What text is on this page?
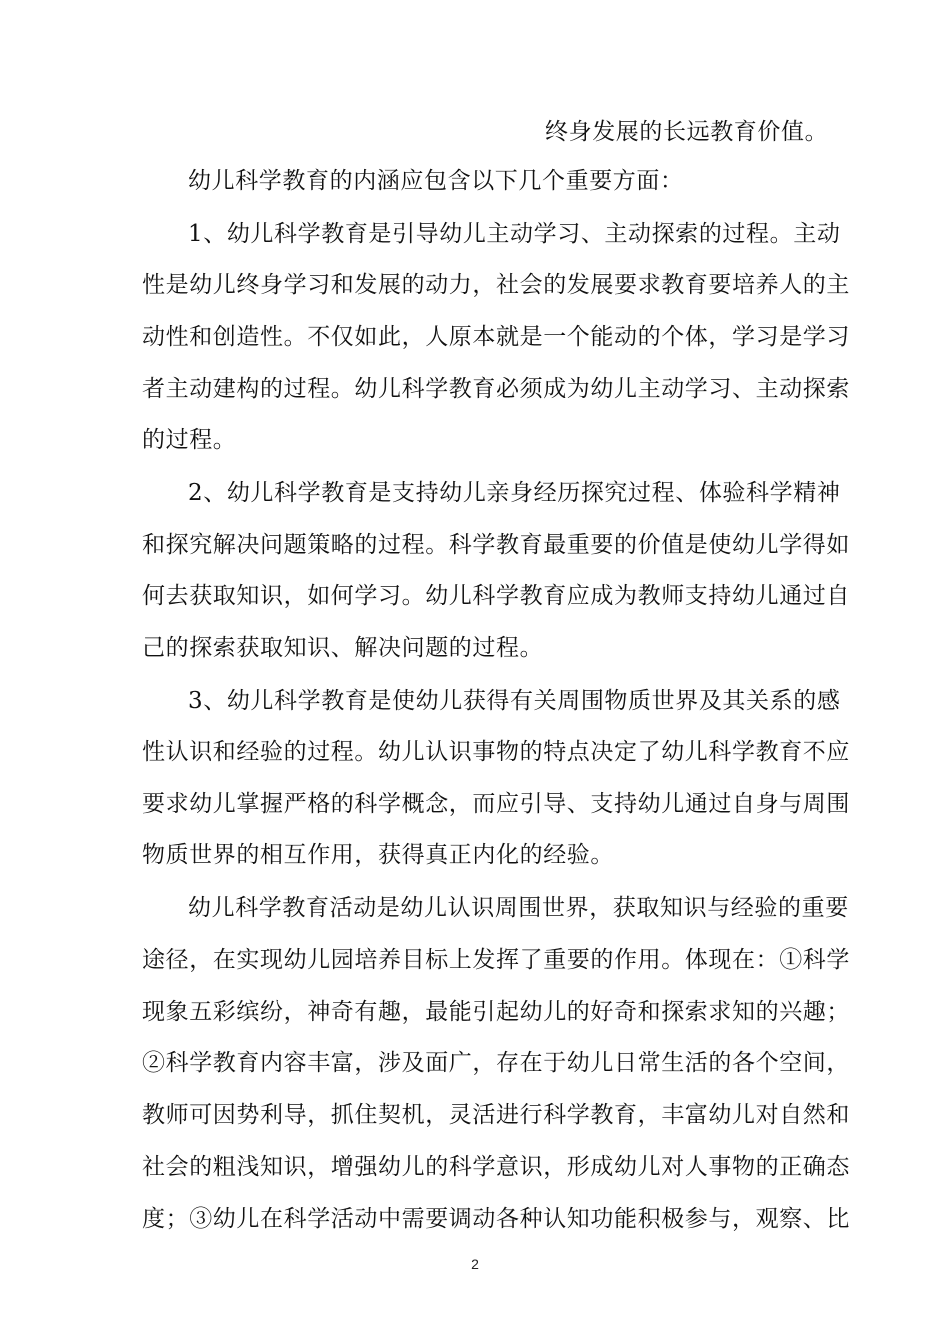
终身发展的长远教育价值。
幼儿科学教育的内涵应包含以下几个重要方面：
1、幼儿科学教育是引导幼儿主动学习、主动探索的过程。主动
性是幼儿终身学习和发展的动力，社会的发展要求教育要培养人的主
动性和创造性。不仅如此，人原本就是一个能动的个体，学习是学习
者主动建构的过程。幼儿科学教育必须成为幼儿主动学习、主动探索
的过程。
2、幼儿科学教育是支持幼儿亲身经历探究过程、体验科学精神
和探究解决问题策略的过程。科学教育最重要的价值是使幼儿学得如
何去获取知识，如何学习。幼儿科学教育应成为教师支持幼儿通过自
己的探索获取知识、解决问题的过程。
3、幼儿科学教育是使幼儿获得有关周围物质世界及其关系的感
性认识和经验的过程。幼儿认识事物的特点决定了幼儿科学教育不应
要求幼儿掌握严格的科学概念，而应引导、支持幼儿通过自身与周围
物质世界的相互作用，获得真正内化的经验。
幼儿科学教育活动是幼儿认识周围世界，获取知识与经验的重要
途径，在实现幼儿园培养目标上发挥了重要的作用。体现在：①科学
现象五彩缤纷，神奇有趣，最能引起幼儿的好奇和探索求知的兴趣；
②科学教育内容丰富，涉及面广，存在于幼儿日常生活的各个空间，
教师可因势利导，抓住契机，灵活进行科学教育，丰富幼儿对自然和
社会的粗浅知识，增强幼儿的科学意识，形成幼儿对人事物的正确态
度；③幼儿在科学活动中需要调动各种认知功能积极参与，观察、比
2
